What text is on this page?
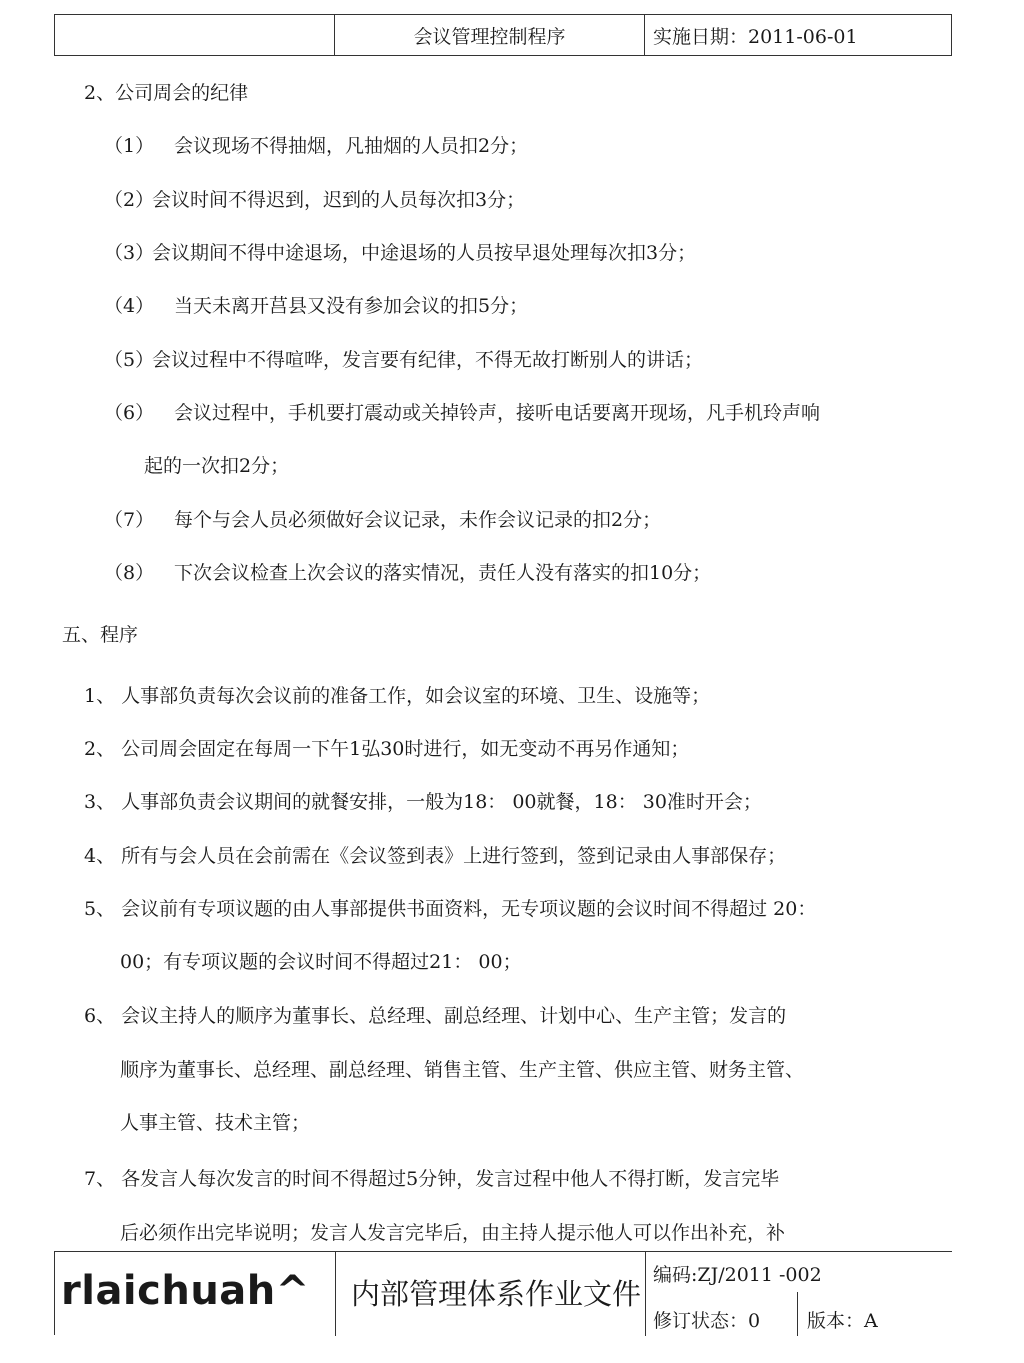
会议管理控制程序	实施日期：2011-06-01
2、公司周会的纪律
（1） 会议现场不得抽烟，凡抽烟的人员扣2分；
（2）
会议时间不得迟到，迟到的人员每次扣3分；
（3）
会议期间不得中途退场，中途退场的人员按早退处理每次扣3分；
（4） 当天未离开莒县又没有参加会议的扣5分；
（5）
会议过程中不得喧哗，发言要有纪律，不得无故打断别人的讲话；
（6） 会议过程中，手机要打震动或关掉铃声，接听电话要离开现场，凡手机玲声响
起的一次扣2分；
（7） 每个与会人员必须做好会议记录，未作会议记录的扣2分；
（8） 下次会议检查上次会议的落实情况，责任人没有落实的扣10分；
五、程序
1、 人事部负责每次会议前的准备工作，如会议室的环境、卫生、设施等；
2、 公司周会固定在每周一下午1弘30时进行，如无变动不再另作通知；
3、 人事部负责会议期间的就餐安排，一般为18： 00就餐，18： 30准时开会；
4、 所有与会人员在会前需在《会议签到表》上进行签到，签到记录由人事部保存；
5、 会议前有专项议题的由人事部提供书面资料，无专项议题的会议时间不得超过 20：
00；有专项议题的会议时间不得超过21： 00；
6、 会议主持人的顺序为董事长、总经理、副总经理、计划中心、生产主管；发言的
顺序为董事长、总经理、副总经理、销售主管、生产主管、供应主管、财务主管、
人事主管、技术主管；
7、 各发言人每次发言的时间不得超过5分钟，发言过程中他人不得打断，发言完毕
后必须作出完毕说明；发言人发言完毕后，由主持人提示他人可以作出补充，补
rlaichuah^ 内部管理体系作业文件
编码:ZJ/2011 -002
修订状态：0 版本：A
